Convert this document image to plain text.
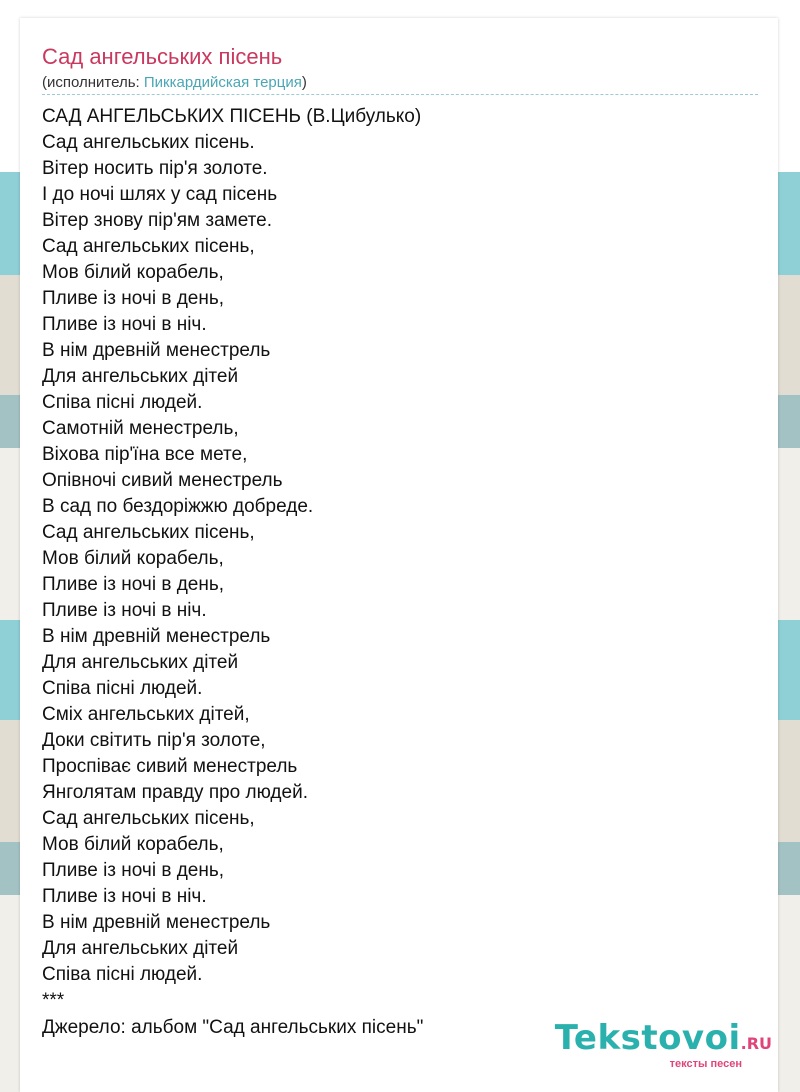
Сад ангельських пісень
(исполнитель: Пиккардийская терция)
САД АНГЕЛЬСЬКИХ ПІСЕНЬ (В.Цибулько)
Сад ангельських пісень.
Вітер носить пір'я золоте.
І до ночі шлях у сад пісень
Вітер знову пір'ям замете.
Сад ангельських пісень,
Мов білий корабель,
Пливе із ночі в день,
Пливе із ночі в ніч.
В нім древній менестрель
Для ангельських дітей
Співа пісні людей.
Самотній менестрель,
Віхова пір'їна все мете,
Опівночі сивий менестрель
В сад по бездоріжжю добреде.
Сад ангельських пісень,
Мов білий корабель,
Пливе із ночі в день,
Пливе із ночі в ніч.
В нім древній менестрель
Для ангельських дітей
Співа пісні людей.
Сміх ангельських дітей,
Доки світить пір'я золоте,
Проспіває сивий менестрель
Янголятам правду про людей.
Сад ангельських пісень,
Мов білий корабель,
Пливе із ночі в день,
Пливе із ночі в ніч.
В нім древній менестрель
Для ангельських дітей
Співа пісні людей.
***
Джерело: альбом "Сад ангельських пісень"	Tekstovoi.RU
тексты песен
